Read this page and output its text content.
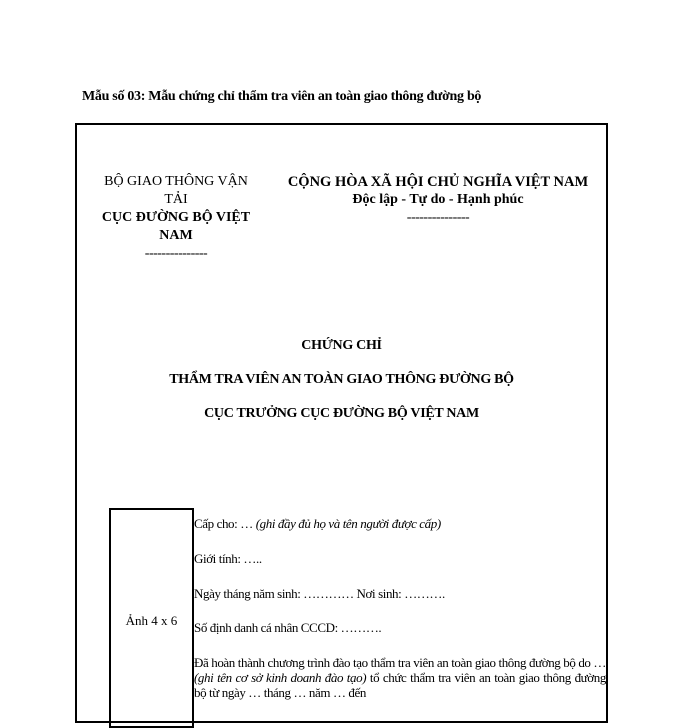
Mẫu số 03: Mẫu chứng chỉ thẩm tra viên an toàn giao thông đường bộ
BỘ GIAO THÔNG VẬN TẢI
CỤC ĐƯỜNG BỘ VIỆT NAM
---------------
CỘNG HÒA XÃ HỘI CHỦ NGHĨA VIỆT NAM
Độc lập - Tự do - Hạnh phúc
---------------
CHỨNG CHỈ
THẨM TRA VIÊN AN TOÀN GIAO THÔNG ĐƯỜNG BỘ
CỤC TRƯỞNG CỤC ĐƯỜNG BỘ VIỆT NAM
Ảnh 4 x 6
Cấp cho: … (ghi đầy đủ họ và tên người được cấp)
Giới tính: …..
Ngày tháng năm sinh: ………… Nơi sinh: ……….
Số định danh cá nhân CCCD: ……….
Đã hoàn thành chương trình đào tạo thẩm tra viên an toàn giao thông đường bộ do … (ghi tên cơ sở kinh doanh đào tạo) tổ chức thẩm tra viên an toàn giao thông đường bộ từ ngày … tháng … năm … đến
